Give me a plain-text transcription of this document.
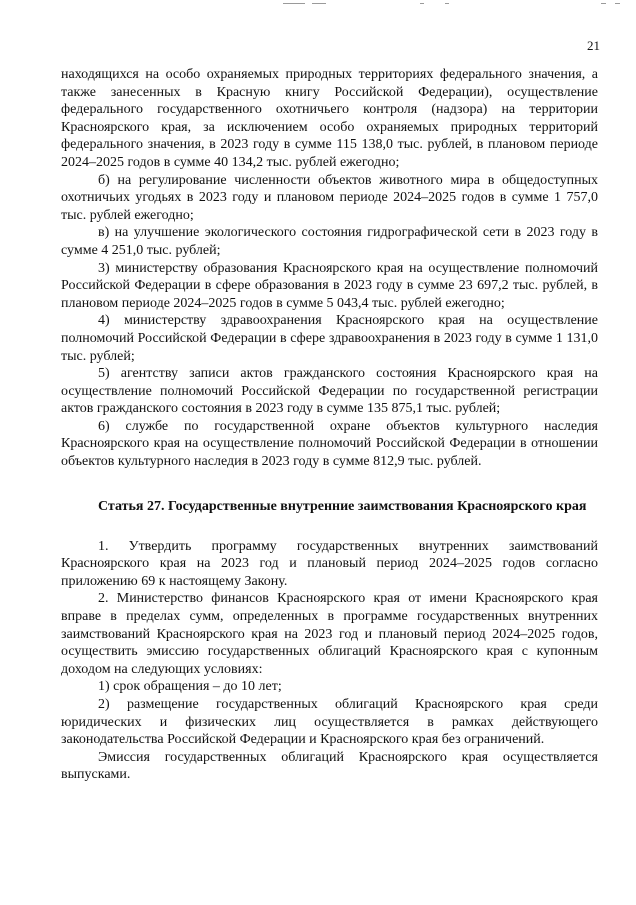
21

находящихся на особо охраняемых природных территориях федерального значения, а также занесенных в Красную книгу Российской Федерации), осуществление федерального государственного охотничьего контроля (надзора) на территории Красноярского края, за исключением особо охраняемых природных территорий федерального значения, в 2023 году в сумме 115 138,0 тыс. рублей, в плановом периоде 2024–2025 годов в сумме 40 134,2 тыс. рублей ежегодно;

б) на регулирование численности объектов животного мира в общедоступных охотничьих угодьях в 2023 году и плановом периоде 2024–2025 годов в сумме 1 757,0 тыс. рублей ежегодно;

в) на улучшение экологического состояния гидрографической сети в 2023 году в сумме 4 251,0 тыс. рублей;

3) министерству образования Красноярского края на осуществление полномочий Российской Федерации в сфере образования в 2023 году в сумме 23 697,2 тыс. рублей, в плановом периоде 2024–2025 годов в сумме 5 043,4 тыс. рублей ежегодно;

4) министерству здравоохранения Красноярского края на осуществление полномочий Российской Федерации в сфере здравоохранения в 2023 году в сумме 1 131,0 тыс. рублей;

5) агентству записи актов гражданского состояния Красноярского края на осуществление полномочий Российской Федерации по государственной регистрации актов гражданского состояния в 2023 году в сумме 135 875,1 тыс. рублей;

6) службе по государственной охране объектов культурного наследия Красноярского края на осуществление полномочий Российской Федерации в отношении объектов культурного наследия в 2023 году в сумме 812,9 тыс. рублей.

Статья 27. Государственные внутренние заимствования Красноярского края

1. Утвердить программу государственных внутренних заимствований Красноярского края на 2023 год и плановый период 2024–2025 годов согласно приложению 69 к настоящему Закону.

2. Министерство финансов Красноярского края от имени Красноярского края вправе в пределах сумм, определенных в программе государственных внутренних заимствований Красноярского края на 2023 год и плановый период 2024–2025 годов, осуществить эмиссию государственных облигаций Красноярского края с купонным доходом на следующих условиях:

1) срок обращения – до 10 лет;

2) размещение государственных облигаций Красноярского края среди юридических и физических лиц осуществляется в рамках действующего законодательства Российской Федерации и Красноярского края без ограничений.

Эмиссия государственных облигаций Красноярского края осуществляется выпусками.
